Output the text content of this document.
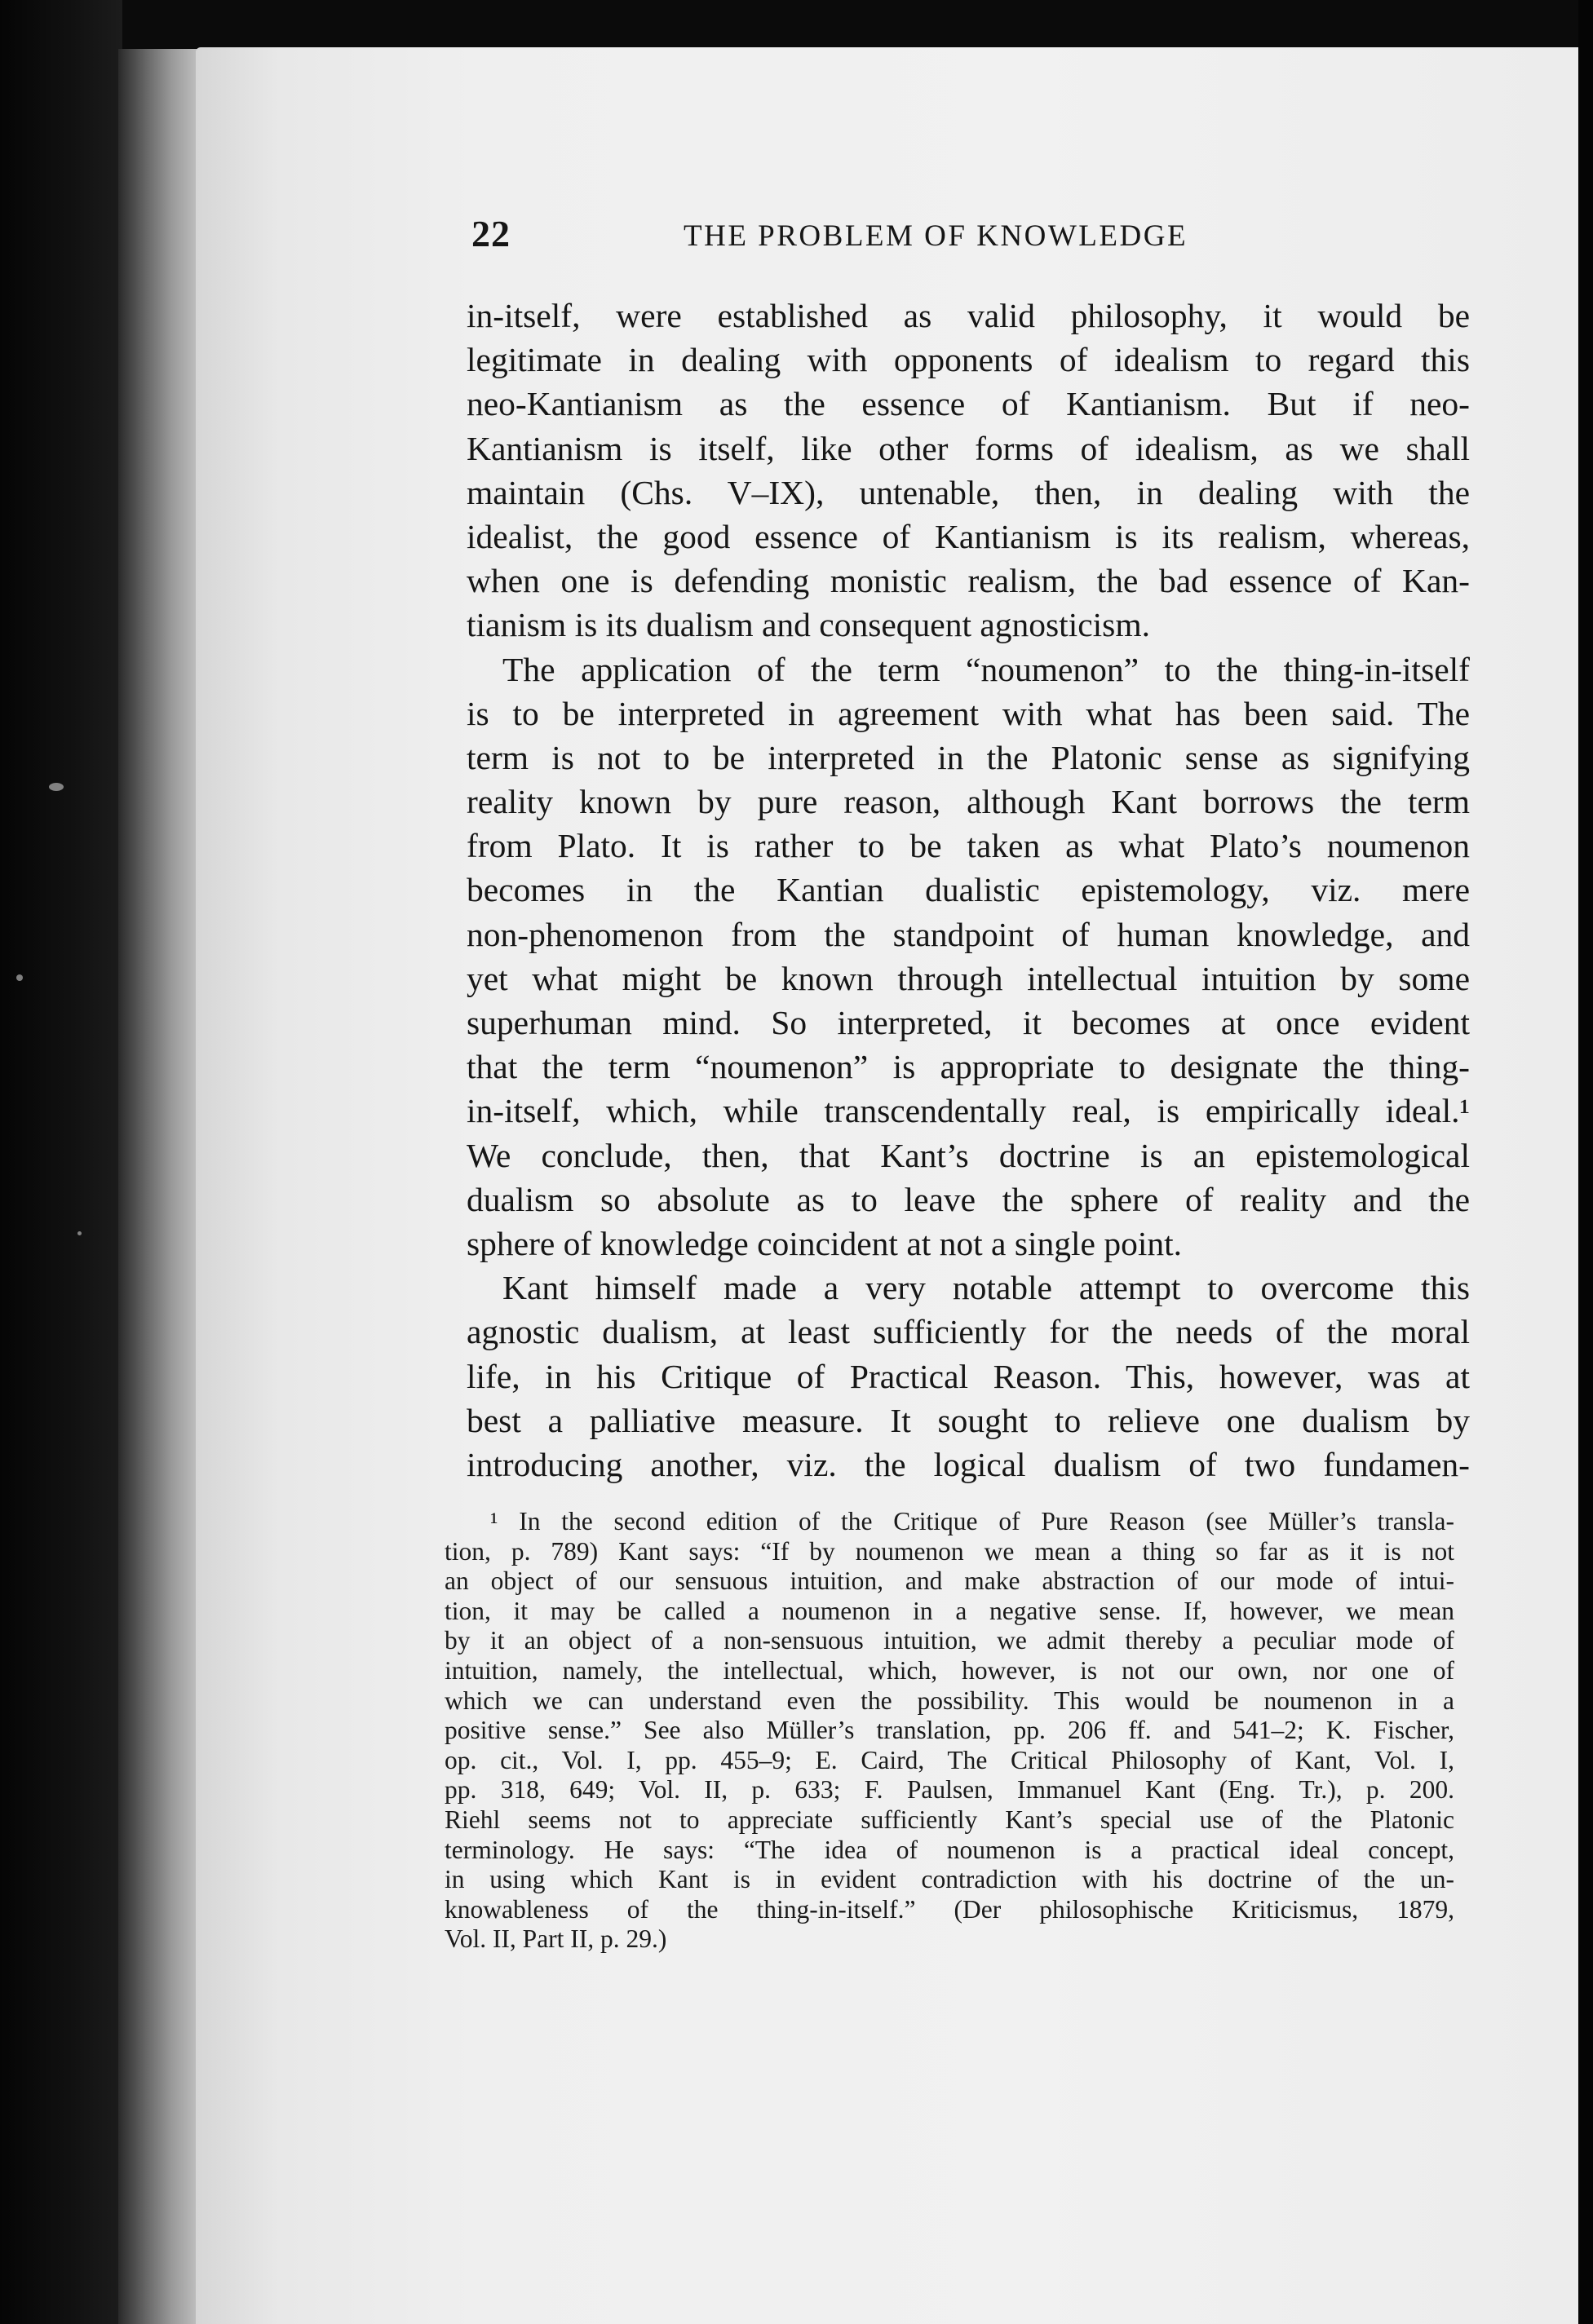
22	THE PROBLEM OF KNOWLEDGE
in-itself, were established as valid philosophy, it would be
legitimate in dealing with opponents of idealism to regard this
neo-Kantianism as the essence of Kantianism. But if neo-
Kantianism is itself, like other forms of idealism, as we shall
maintain (Chs. V–IX), untenable, then, in dealing with the
idealist, the good essence of Kantianism is its realism, whereas,
when one is defending monistic realism, the bad essence of Kan-
tianism is its dualism and consequent agnosticism.
The application of the term “noumenon” to the thing-in-itself
is to be interpreted in agreement with what has been said. The
term is not to be interpreted in the Platonic sense as signifying
reality known by pure reason, although Kant borrows the term
from Plato. It is rather to be taken as what Plato’s noumenon
becomes in the Kantian dualistic epistemology, viz. mere
non-phenomenon from the standpoint of human knowledge, and
yet what might be known through intellectual intuition by some
superhuman mind. So interpreted, it becomes at once evident
that the term “noumenon” is appropriate to designate the thing-
in-itself, which, while transcendentally real, is empirically ideal.¹
We conclude, then, that Kant’s doctrine is an epistemological
dualism so absolute as to leave the sphere of reality and the
sphere of knowledge coincident at not a single point.
Kant himself made a very notable attempt to overcome this
agnostic dualism, at least sufficiently for the needs of the moral
life, in his Critique of Practical Reason. This, however, was at
best a palliative measure. It sought to relieve one dualism by
introducing another, viz. the logical dualism of two fundamen-
¹ In the second edition of the Critique of Pure Reason (see Müller’s transla-
tion, p. 789) Kant says: “If by noumenon we mean a thing so far as it is not
an object of our sensuous intuition, and make abstraction of our mode of intui-
tion, it may be called a noumenon in a negative sense. If, however, we mean
by it an object of a non-sensuous intuition, we admit thereby a peculiar mode of
intuition, namely, the intellectual, which, however, is not our own, nor one of
which we can understand even the possibility. This would be noumenon in a
positive sense.” See also Müller’s translation, pp. 206 ff. and 541–2; K. Fischer,
op. cit., Vol. I, pp. 455–9; E. Caird, The Critical Philosophy of Kant, Vol. I,
pp. 318, 649; Vol. II, p. 633; F. Paulsen, Immanuel Kant (Eng. Tr.), p. 200.
Riehl seems not to appreciate sufficiently Kant’s special use of the Platonic
terminology. He says: “The idea of noumenon is a practical ideal concept,
in using which Kant is in evident contradiction with his doctrine of the un-
knowableness of the thing-in-itself.” (Der philosophische Kriticismus, 1879,
Vol. II, Part II, p. 29.)
